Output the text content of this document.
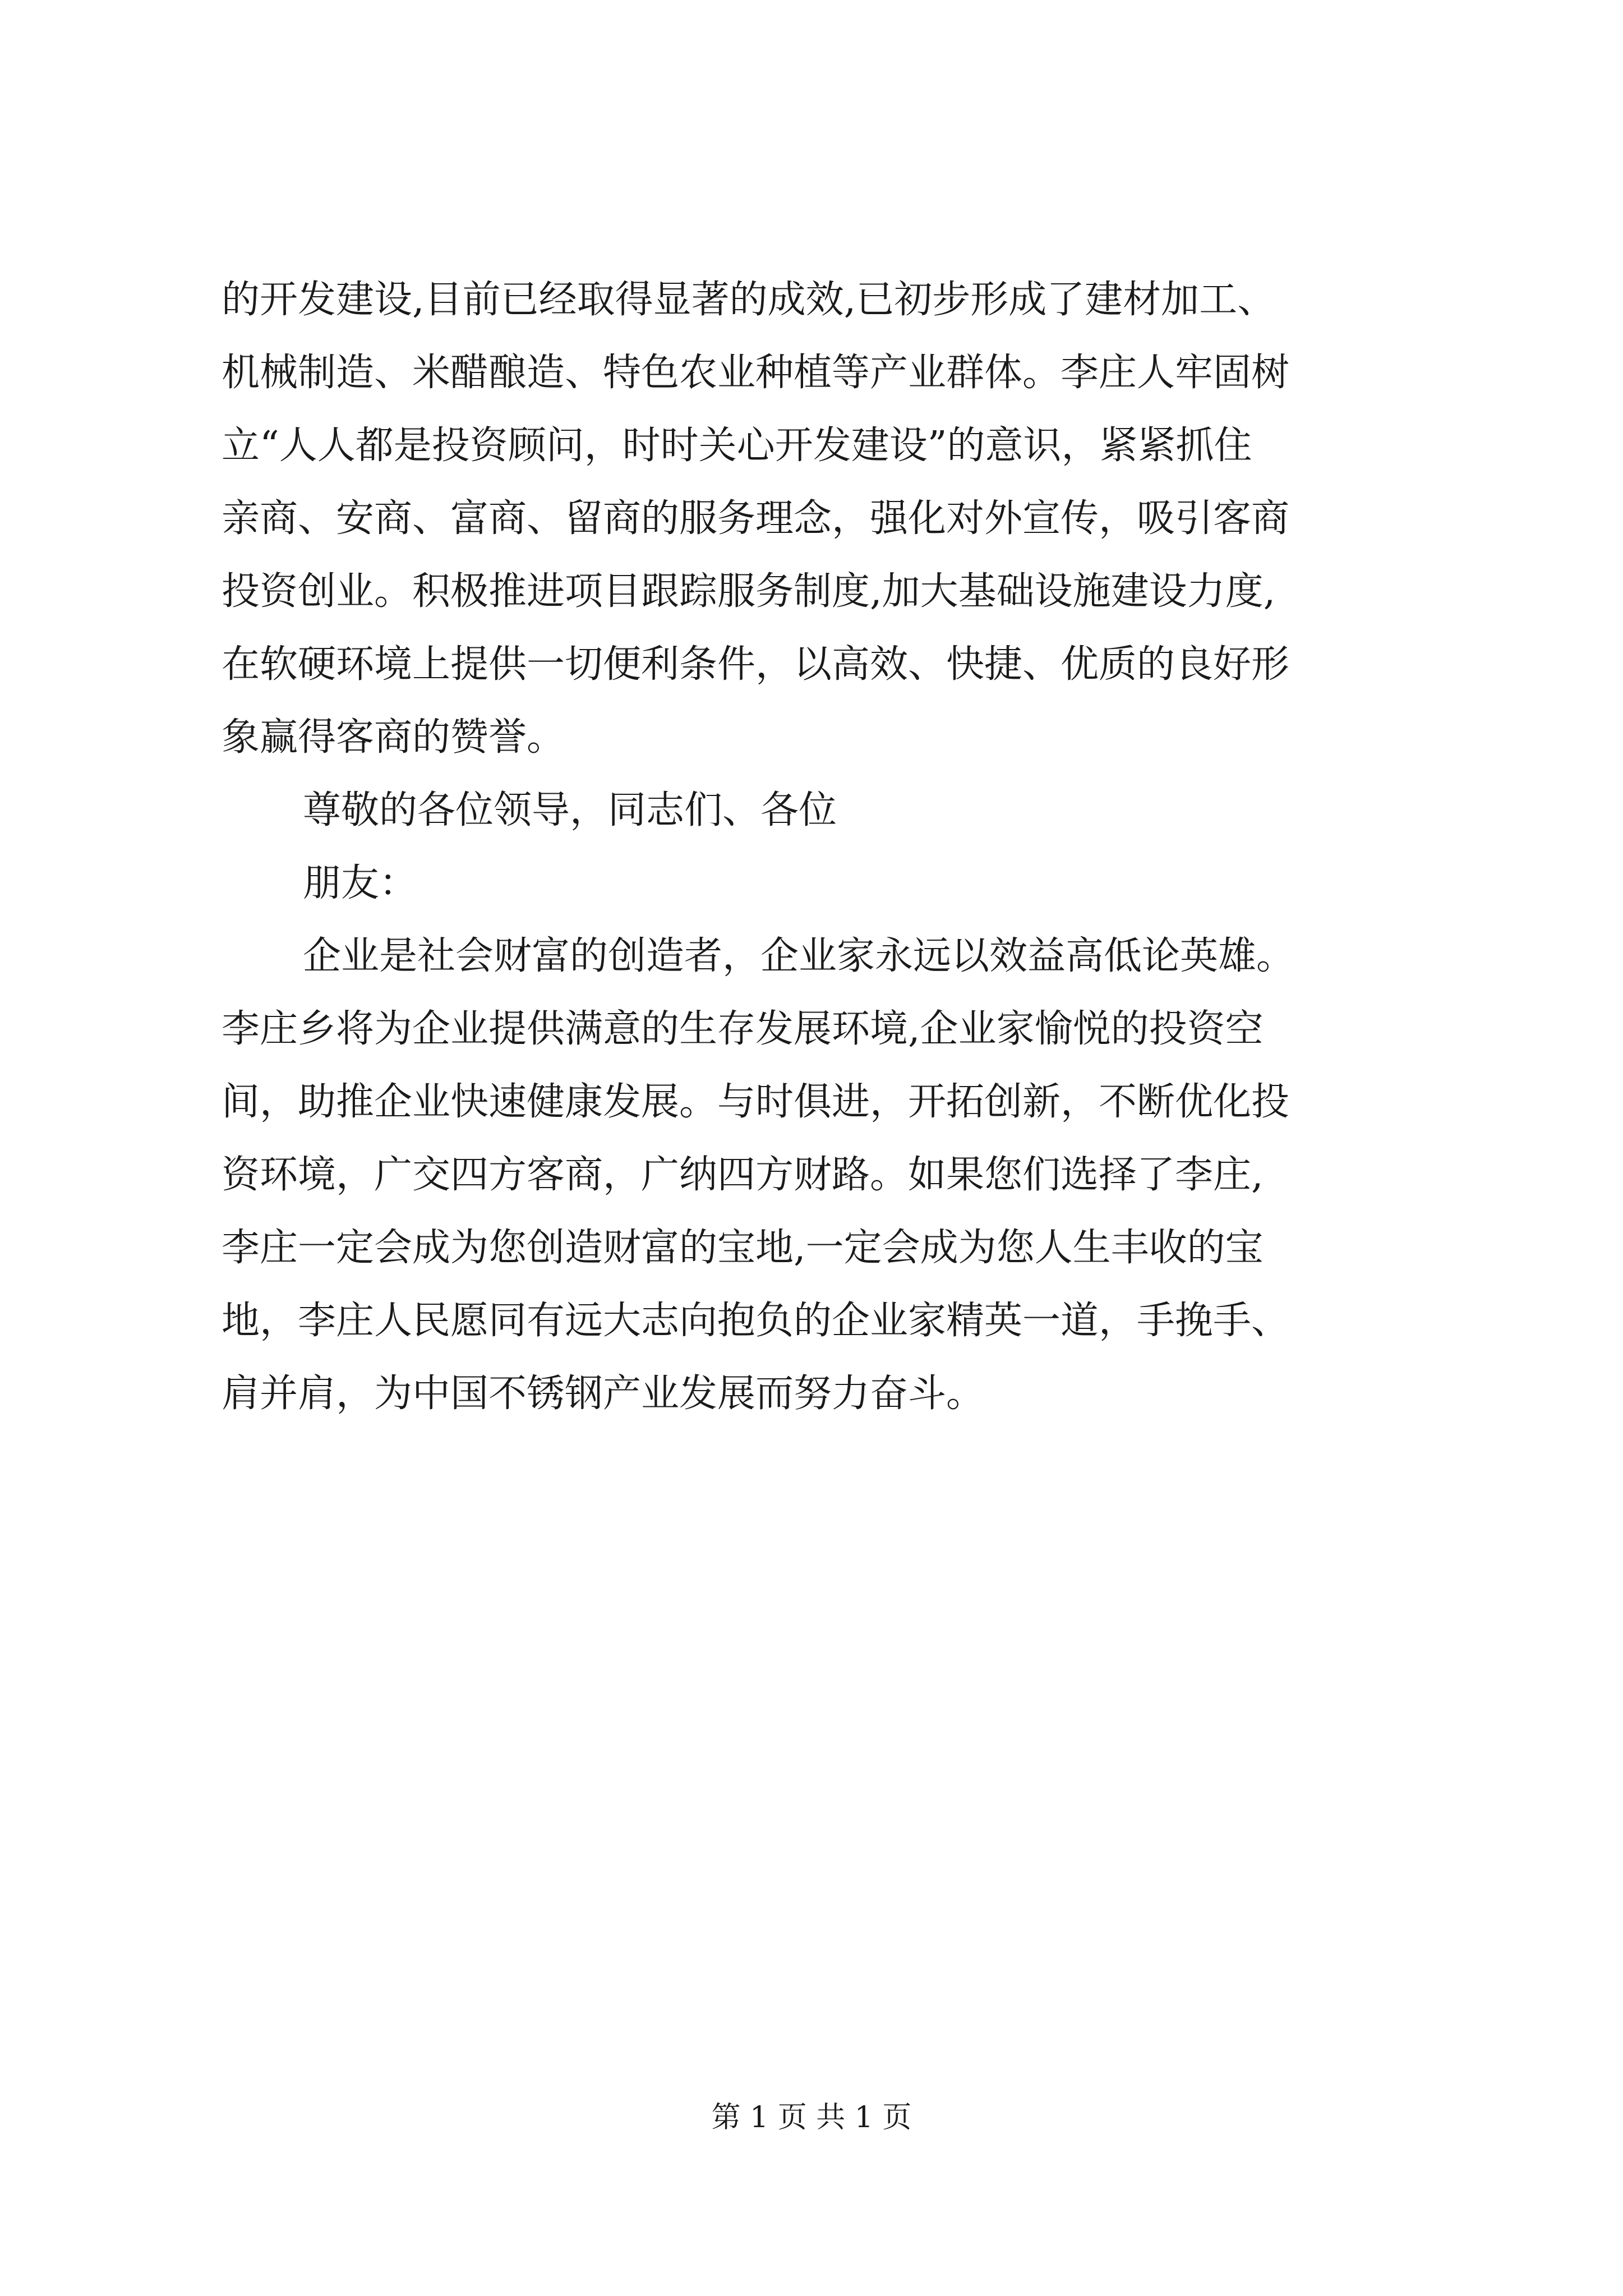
的开发建设,目前已经取得显著的成效,已初步形成了建材加工、
机械制造、米醋酿造、特色农业种植等产业群体。李庄人牢固树
立“人人都是投资顾问，时时关心开发建设”的意识，紧紧抓住
亲商、安商、富商、留商的服务理念，强化对外宣传，吸引客商
投资创业。积极推进项目跟踪服务制度,加大基础设施建设力度,
在软硬环境上提供一切便利条件，以高效、快捷、优质的良好形
象赢得客商的赞誉。
尊敬的各位领导，同志们、各位
朋友：
企业是社会财富的创造者，企业家永远以效益高低论英雄。
李庄乡将为企业提供满意的生存发展环境,企业家愉悦的投资空
间，助推企业快速健康发展。与时俱进，开拓创新，不断优化投
资环境，广交四方客商，广纳四方财路。如果您们选择了李庄,
李庄一定会成为您创造财富的宝地,一定会成为您人生丰收的宝
地，李庄人民愿同有远大志向抱负的企业家精英一道，手挽手、
肩并肩，为中国不锈钢产业发展而努力奋斗。
第 1 页 共 1 页
